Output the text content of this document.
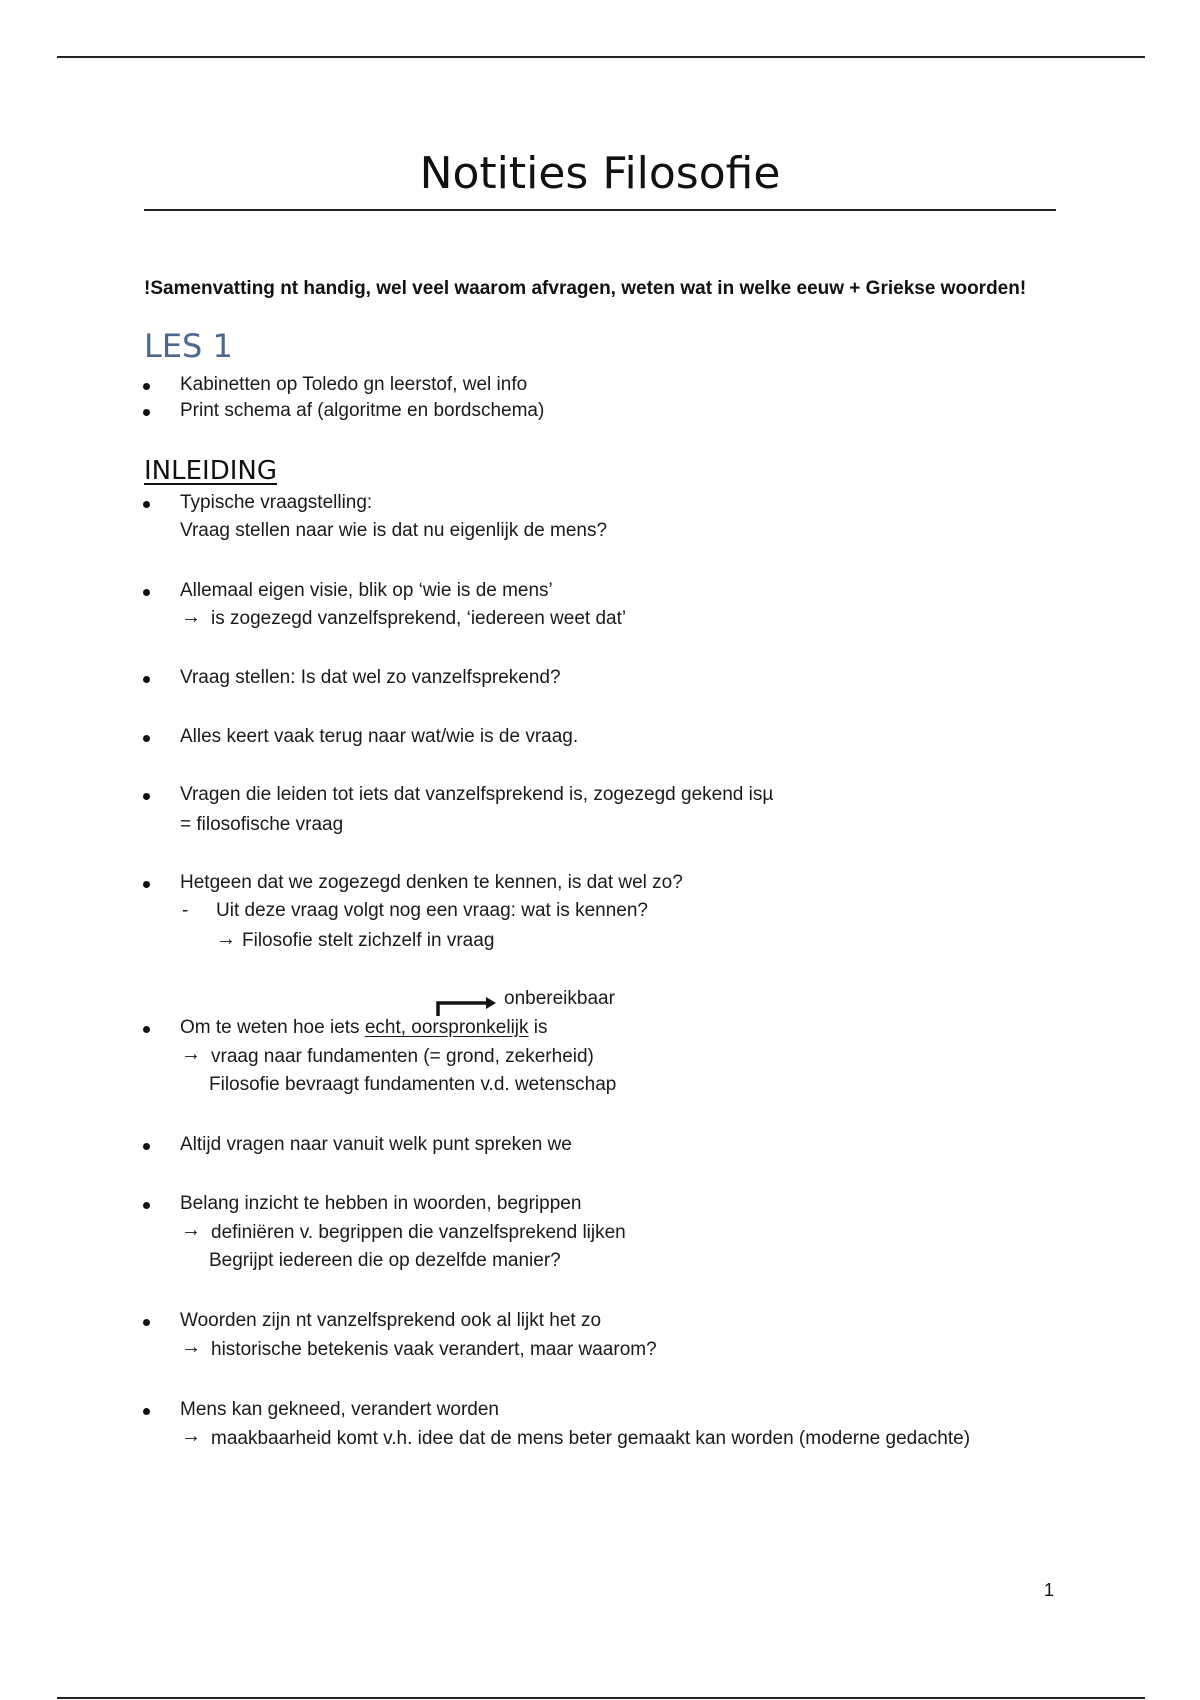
Notities Filosofie
!Samenvatting nt handig, wel veel waarom afvragen, weten wat in welke eeuw + Griekse woorden!
LES 1
Kabinetten op Toledo gn leerstof, wel info
Print schema af (algoritme en bordschema)
INLEIDING
Typische vraagstelling:
Vraag stellen naar wie is dat nu eigenlijk de mens?
Allemaal eigen visie, blik op ‘wie is de mens’
→ is zogezegd vanzelfsprekend, ‘iedereen weet dat’
Vraag stellen: Is dat wel zo vanzelfsprekend?
Alles keert vaak terug naar wat/wie is de vraag.
Vragen die leiden tot iets dat vanzelfsprekend is, zogezegd gekend isµ
= filosofische vraag
Hetgeen dat we zogezegd denken te kennen, is dat wel zo?
- Uit deze vraag volgt nog een vraag: wat is kennen?
→ Filosofie stelt zichzelf in vraag
onbereikbaar
Om te weten hoe iets echt, oorspronkelijk is
→ vraag naar fundamenten (= grond, zekerheid)
Filosofie bevraagt fundamenten v.d. wetenschap
Altijd vragen naar vanuit welk punt spreken we
Belang inzicht te hebben in woorden, begrippen
→ definiëren v. begrippen die vanzelfsprekend lijken
Begrijpt iedereen die op dezelfde manier?
Woorden zijn nt vanzelfsprekend ook al lijkt het zo
→ historische betekenis vaak verandert, maar waarom?
Mens kan gekneed, verandert worden
→ maakbaarheid komt v.h. idee dat de mens beter gemaakt kan worden (moderne gedachte)
1
